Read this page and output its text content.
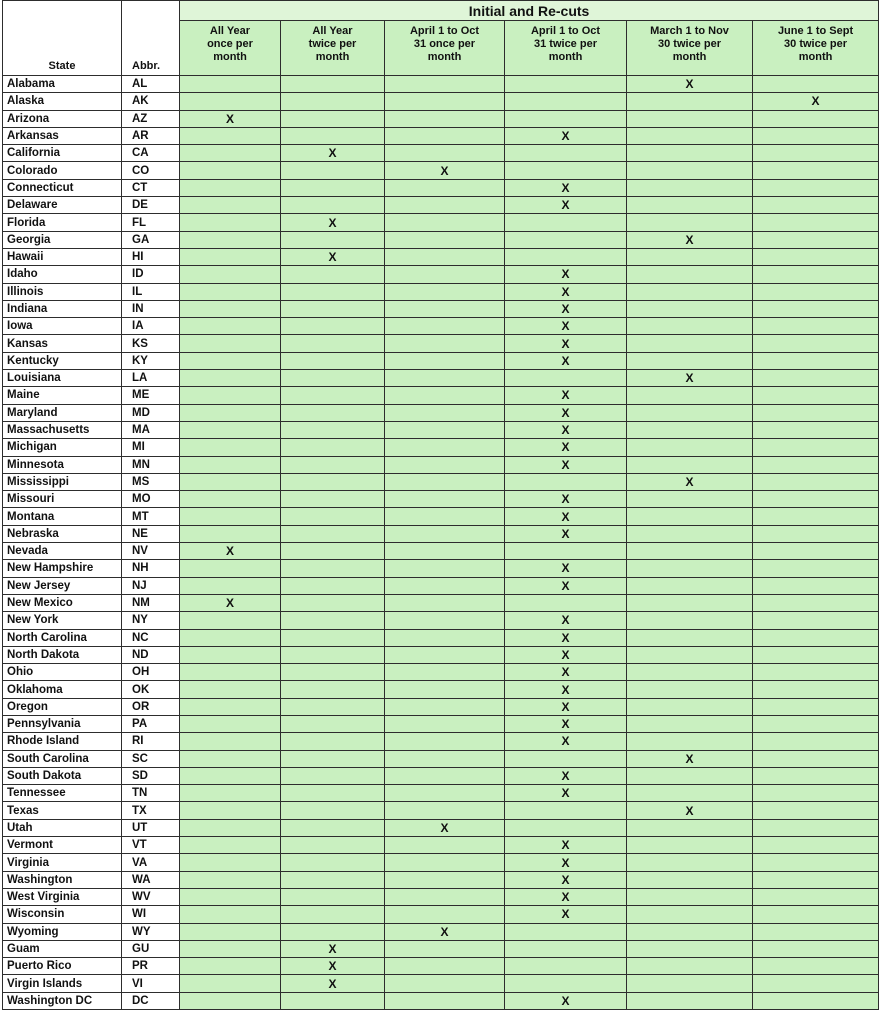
		Initial and Re-cuts					
State	Abbr.	All Year
once per
month	All Year
twice per
month	April 1 to Oct
31 once per
month	April 1 to Oct
31 twice per
month	March 1 to Nov
30 twice per
month	June 1 to Sept
30 twice per
month
Alabama	AL					X	
Alaska	AK						X
Arizona	AZ	X					
Arkansas	AR				X		
California	CA		X				
Colorado	CO			X			
Connecticut	CT				X		
Delaware	DE				X		
Florida	FL		X				
Georgia	GA					X	
Hawaii	HI		X				
Idaho	ID				X		
Illinois	IL				X		
Indiana	IN				X		
Iowa	IA				X		
Kansas	KS				X		
Kentucky	KY				X		
Louisiana	LA					X	
Maine	ME				X		
Maryland	MD				X		
Massachusetts	MA				X		
Michigan	MI				X		
Minnesota	MN				X		
Mississippi	MS					X	
Missouri	MO				X		
Montana	MT				X		
Nebraska	NE				X		
Nevada	NV	X					
New Hampshire	NH				X		
New Jersey	NJ				X		
New Mexico	NM	X					
New York	NY				X		
North Carolina	NC				X		
North Dakota	ND				X		
Ohio	OH				X		
Oklahoma	OK				X		
Oregon	OR				X		
Pennsylvania	PA				X		
Rhode Island	RI				X		
South Carolina	SC					X	
South Dakota	SD				X		
Tennessee	TN				X		
Texas	TX					X	
Utah	UT			X			
Vermont	VT				X		
Virginia	VA				X		
Washington	WA				X		
West Virginia	WV				X		
Wisconsin	WI				X		
Wyoming	WY			X			
Guam	GU		X				
Puerto Rico	PR		X				
Virgin Islands	VI		X				
Washington DC	DC				X		
